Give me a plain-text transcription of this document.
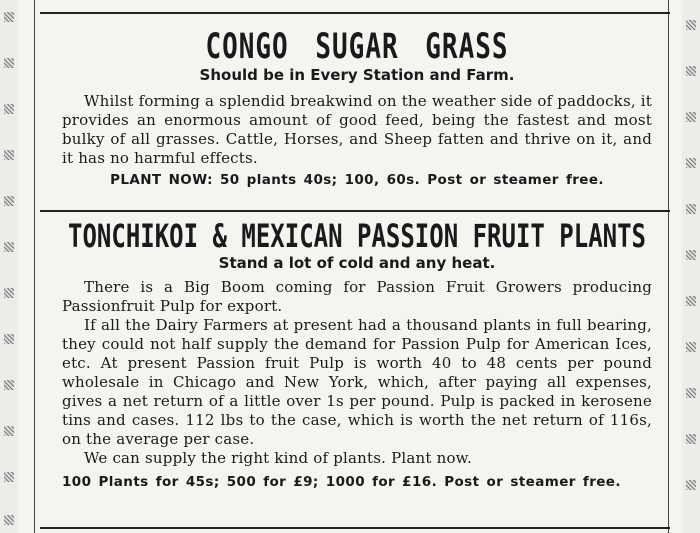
CONGO SUGAR GRASS

Should be in Every Station and Farm.

Whilst forming a splendid breakwind on the weather side of paddocks, it provides an enormous amount of good feed, being the fastest and most bulky of all grasses. Cattle, Horses, and Sheep fatten and thrive on it, and it has no harmful effects.

PLANT NOW: 50 plants 40s; 100, 60s. Post or steamer free.

TONCHIKOI & MEXICAN PASSION FRUIT PLANTS

Stand a lot of cold and any heat.

There is a Big Boom coming for Passion Fruit Growers producing Passionfruit Pulp for export.

If all the Dairy Farmers at present had a thousand plants in full bearing, they could not half supply the demand for Passion Pulp for American Ices, etc. At present Passion fruit Pulp is worth 40 to 48 cents per pound wholesale in Chicago and New York, which, after paying all expenses, gives a net return of a little over 1s per pound. Pulp is packed in kerosene tins and cases. 112 lbs to the case, which is worth the net return of 116s, on the average per case.

We can supply the right kind of plants. Plant now.

100 Plants for 45s; 500 for £9; 1000 for £16. Post or steamer free.
